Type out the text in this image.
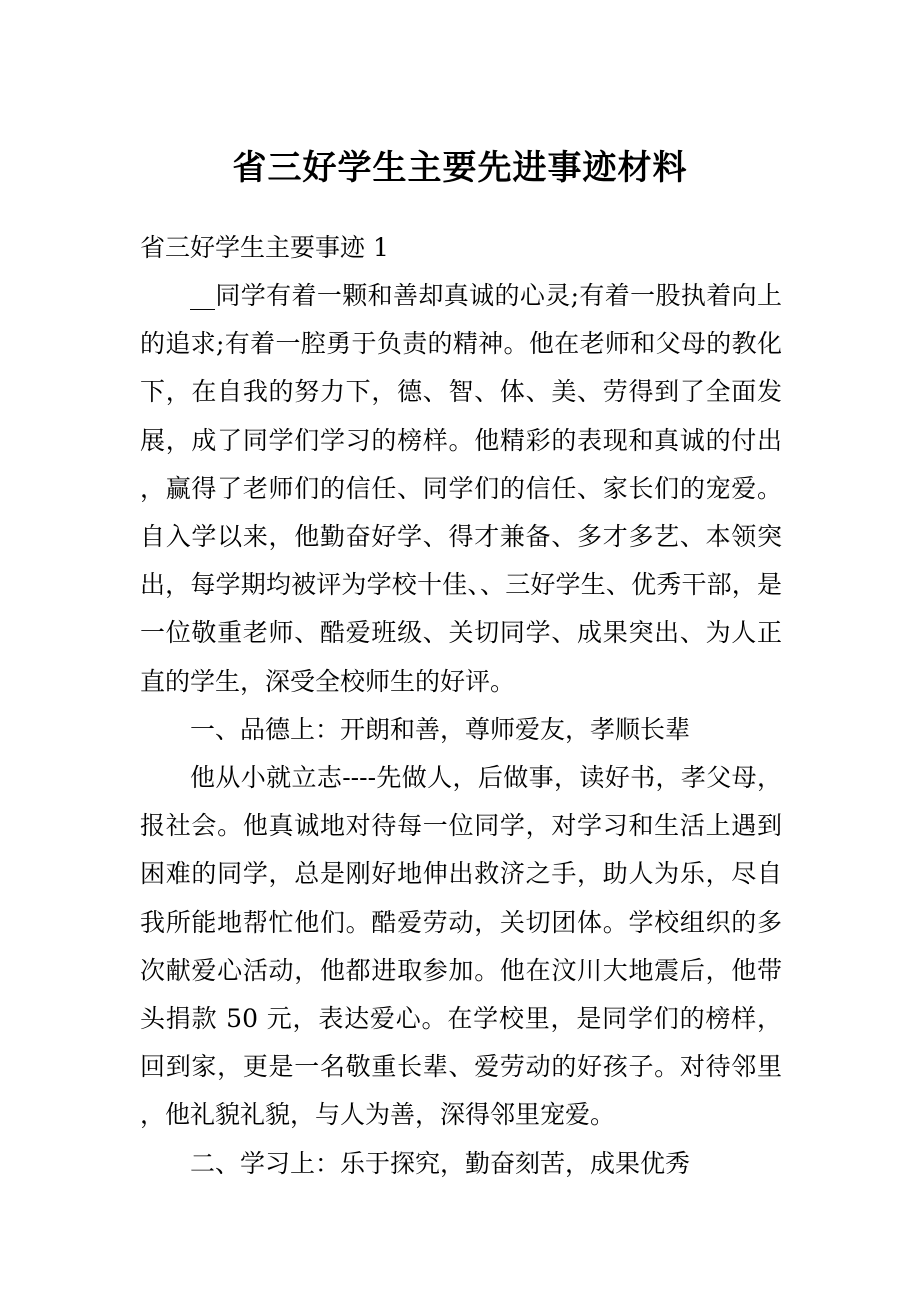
省三好学生主要先进事迹材料

省三好学生主要事迹 1

__同学有着一颗和善却真诚的心灵;有着一股执着向上的追求;有着一腔勇于负责的精神。他在老师和父母的教化下，在自我的努力下，德、智、体、美、劳得到了全面发展，成了同学们学习的榜样。他精彩的表现和真诚的付出，赢得了老师们的信任、同学们的信任、家长们的宠爱。自入学以来，他勤奋好学、得才兼备、多才多艺、本领突出，每学期均被评为学校十佳、、三好学生、优秀干部，是一位敬重老师、酷爱班级、关切同学、成果突出、为人正直的学生，深受全校师生的好评。

一、品德上：开朗和善，尊师爱友，孝顺长辈

他从小就立志----先做人，后做事，读好书，孝父母，报社会。他真诚地对待每一位同学，对学习和生活上遇到困难的同学，总是刚好地伸出救济之手，助人为乐，尽自我所能地帮忙他们。酷爱劳动，关切团体。学校组织的多次献爱心活动，他都进取参加。他在汶川大地震后，他带头捐款 50 元，表达爱心。在学校里，是同学们的榜样，回到家，更是一名敬重长辈、爱劳动的好孩子。对待邻里，他礼貌礼貌，与人为善，深得邻里宠爱。

二、学习上：乐于探究，勤奋刻苦，成果优秀
